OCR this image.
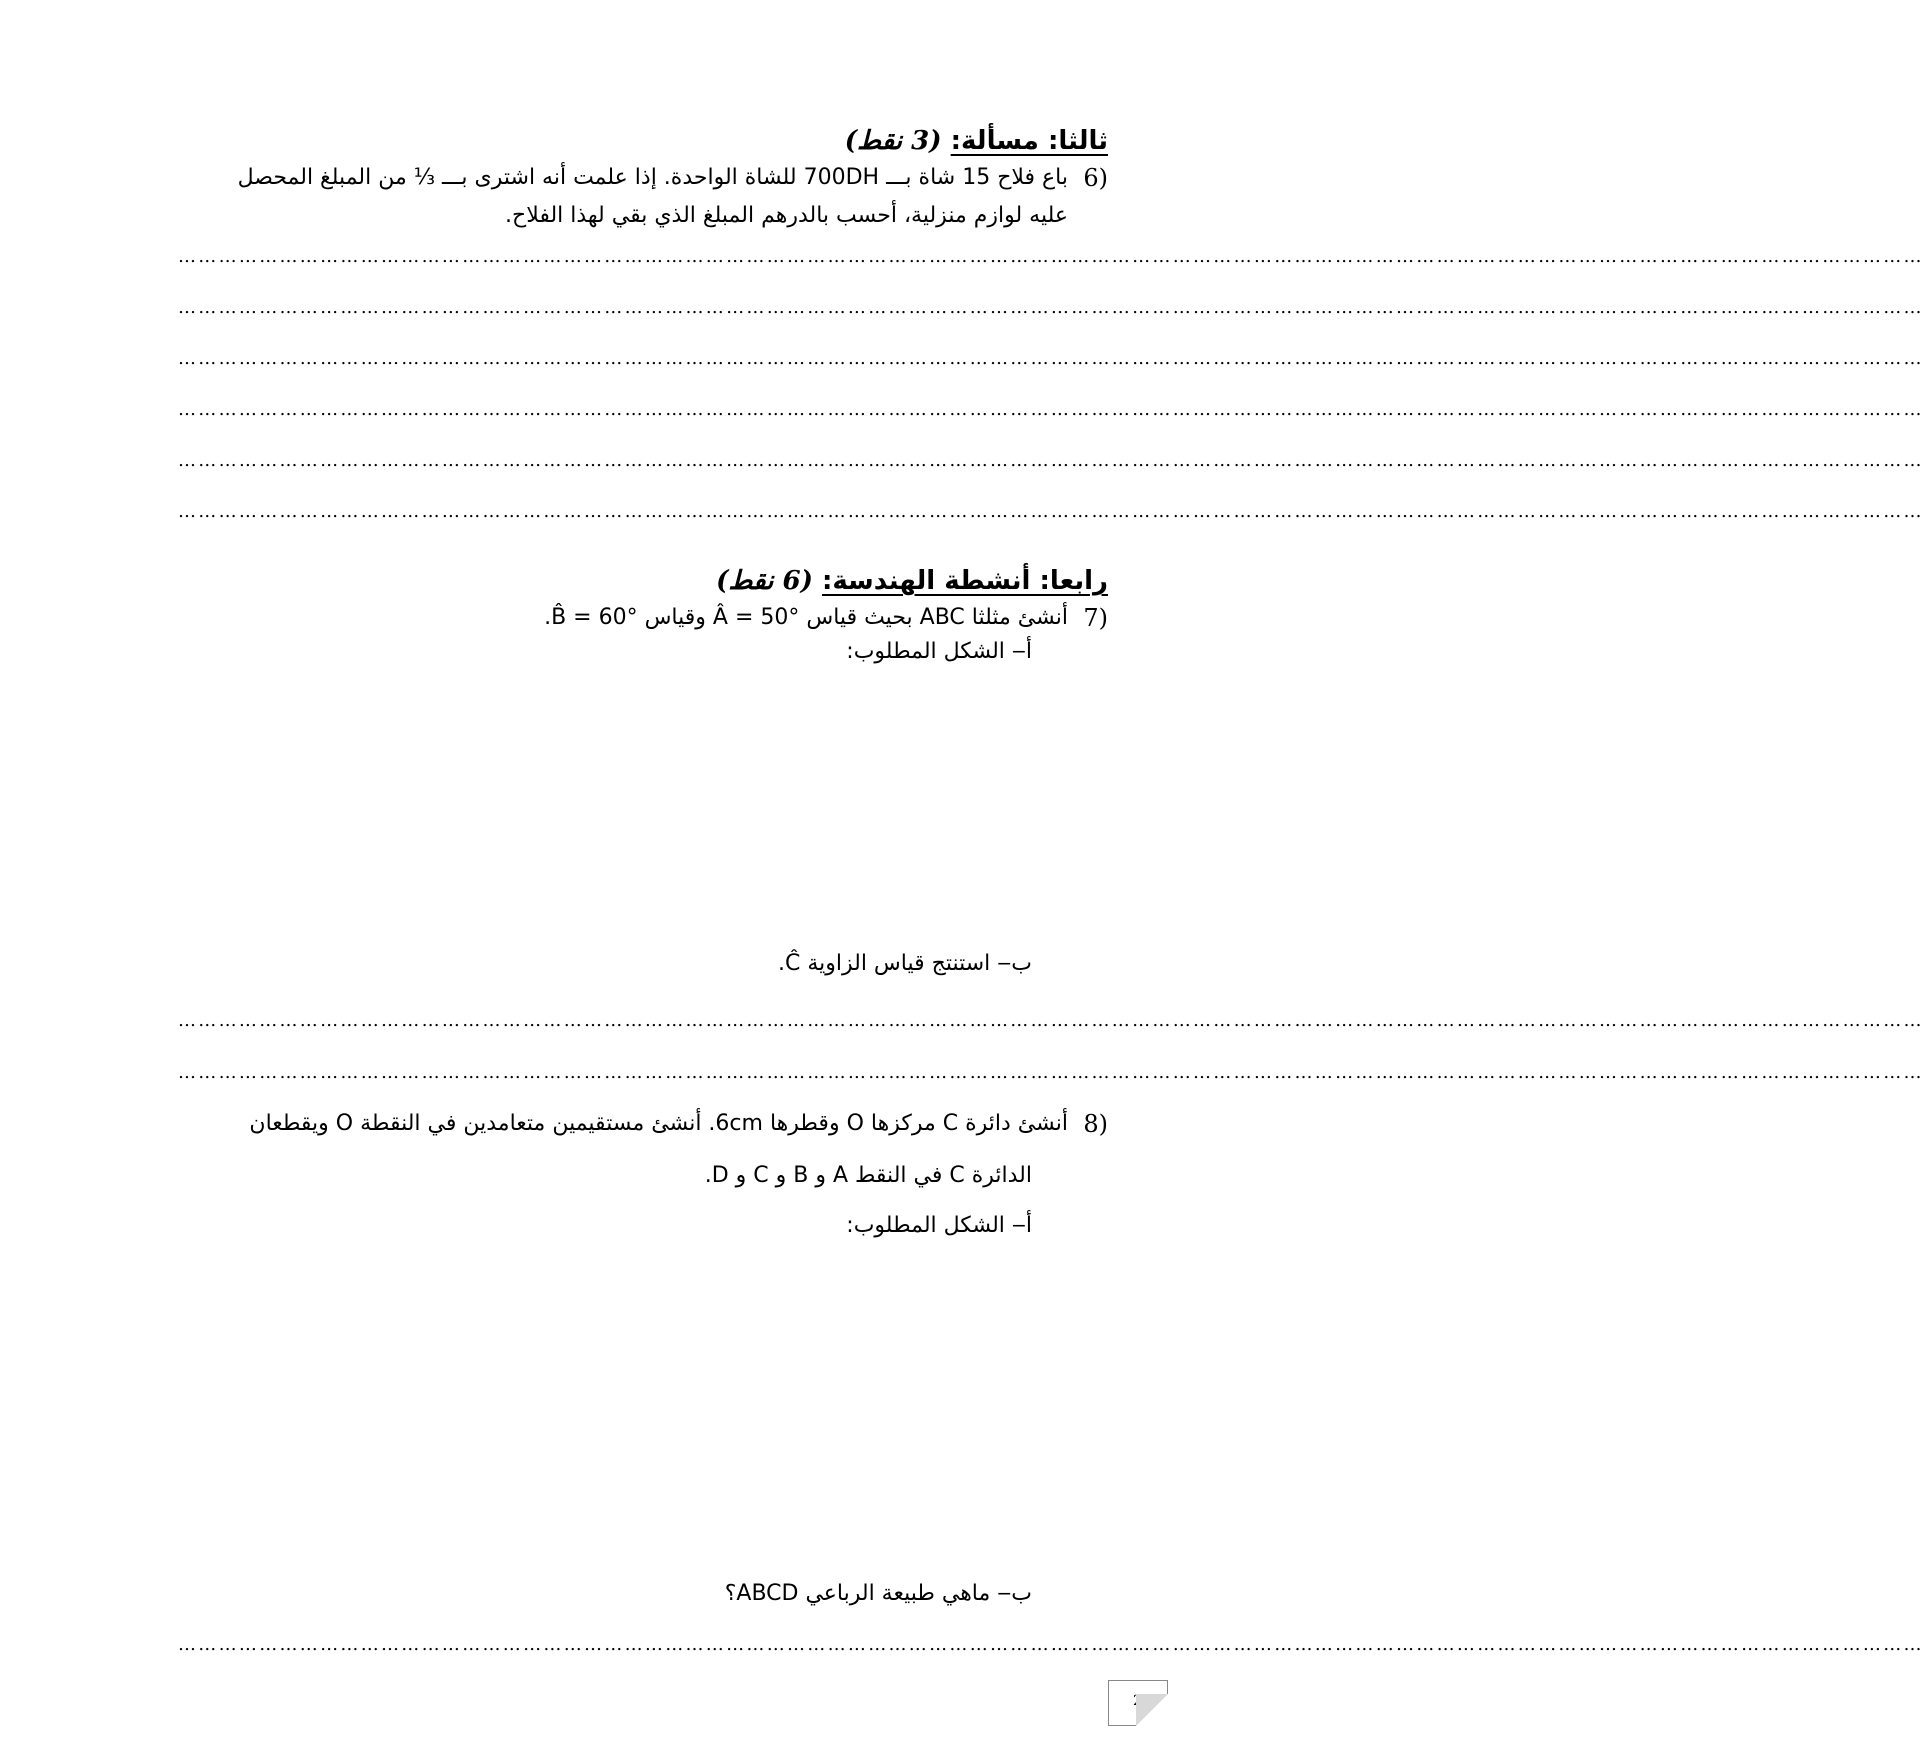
ثالثا: مسألة: (3 نقط)
6)
باع فلاح 15 شاة بـــ 700DH للشاة الواحدة. إذا علمت أنه اشترى بـــ ⅓ من المبلغ المحصل
عليه لوازم منزلية، أحسب بالدرهم المبلغ الذي بقي لهذا الفلاح.
……………………………………………………………………………………………………………………………………………………………………………………………………………………………………
……………………………………………………………………………………………………………………………………………………………………………………………………………………………………
……………………………………………………………………………………………………………………………………………………………………………………………………………………………………
……………………………………………………………………………………………………………………………………………………………………………………………………………………………………
……………………………………………………………………………………………………………………………………………………………………………………………………………………………………
……………………………………………………………………………………………………………………………………………………………………………………………………………………………………
رابعا: أنشطة الهندسة: (6 نقط)
7)
أنشئ مثلثا ABC بحيث قياس Â = 50° وقياس B̂ = 60°.
أ‒ الشكل المطلوب:
ب‒ استنتج قياس الزاوية Ĉ.
……………………………………………………………………………………………………………………………………………………………………………………………………………………………………
……………………………………………………………………………………………………………………………………………………………………………………………………………………………………
8)
أنشئ دائرة C مركزها O وقطرها 6cm. أنشئ مستقيمين متعامدين في النقطة O ويقطعان
الدائرة C في النقط A و B و C و D.
أ‒ الشكل المطلوب:
ب‒ ماهي طبيعة الرباعي ABCD؟
……………………………………………………………………………………………………………………………………………………………………………………………………………………………………
2
